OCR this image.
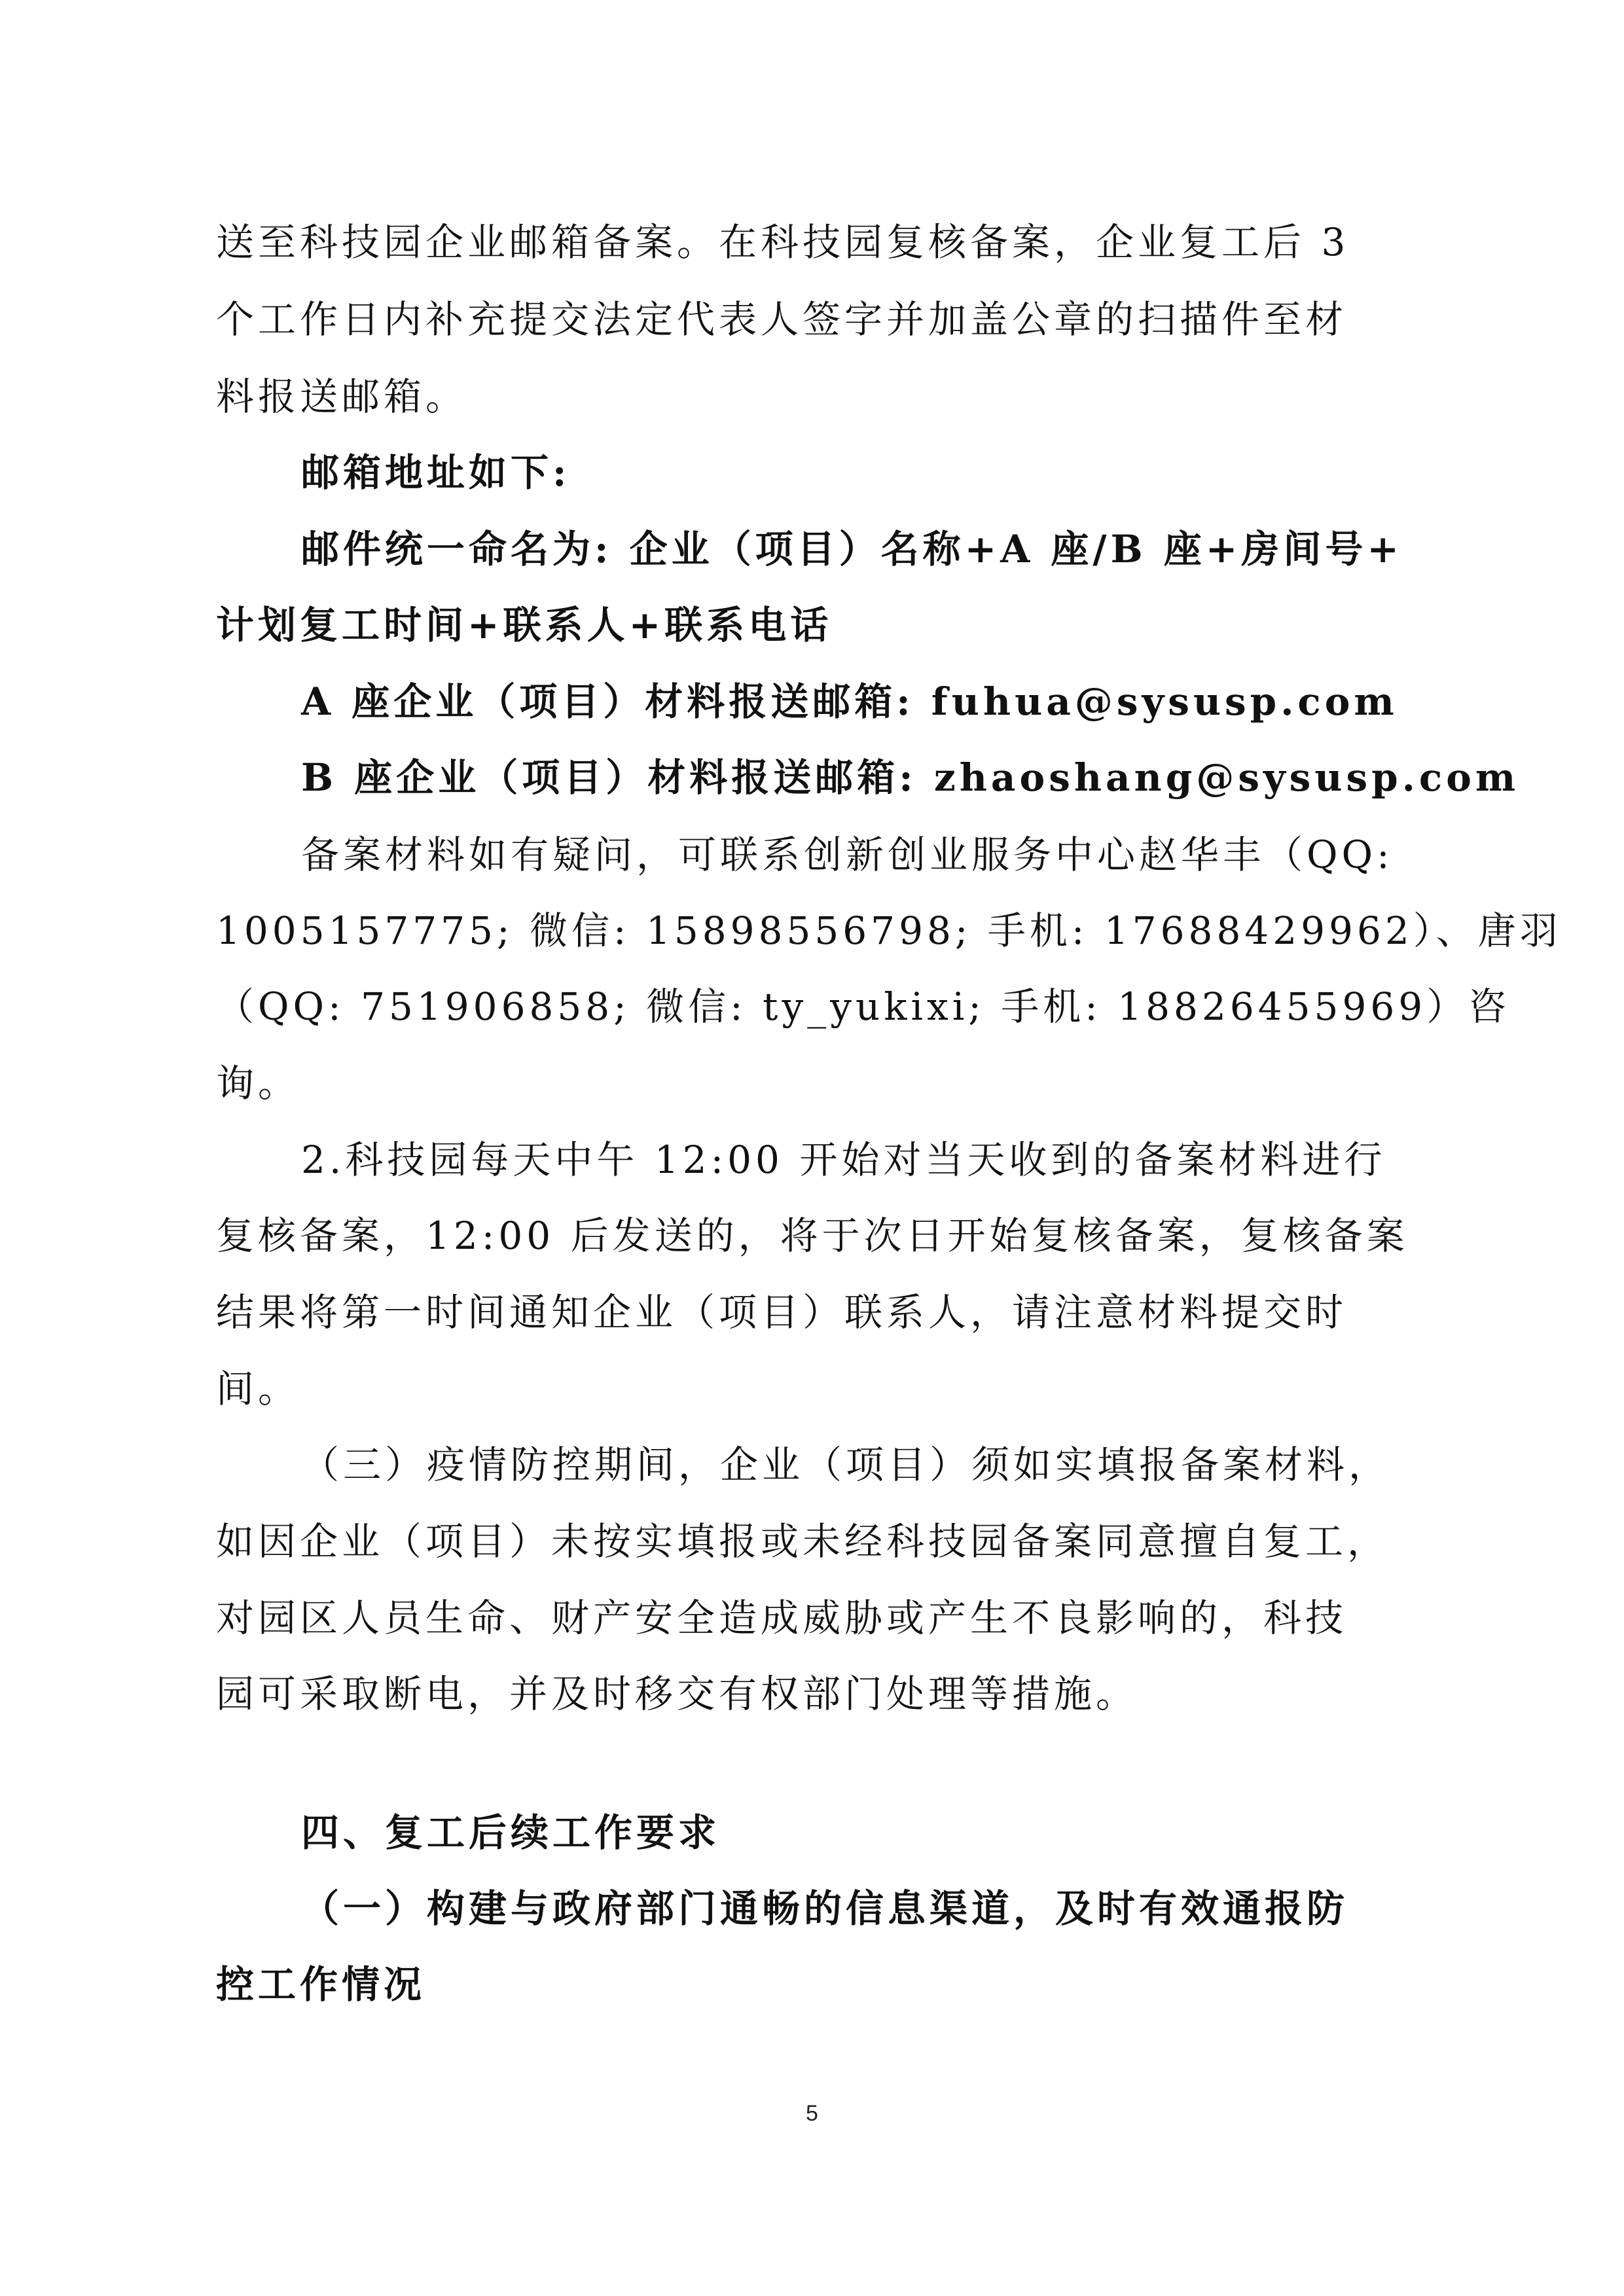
送至科技园企业邮箱备案。在科技园复核备案，企业复工后 3
个工作日内补充提交法定代表人签字并加盖公章的扫描件至材
料报送邮箱。
邮箱地址如下:
邮件统一命名为: 企业（项目）名称+A 座/B 座+房间号+
计划复工时间+联系人+联系电话
A 座企业（项目）材料报送邮箱: fuhua@sysusp.com
B 座企业（项目）材料报送邮箱: zhaoshang@sysusp.com
备案材料如有疑问，可联系创新创业服务中心赵华丰（QQ:
1005157775; 微信: 15898556798; 手机: 17688429962）、唐羽
（QQ: 751906858; 微信: ty_yukixi; 手机: 18826455969）咨
询。
2.科技园每天中午 12:00 开始对当天收到的备案材料进行
复核备案，12:00 后发送的，将于次日开始复核备案，复核备案
结果将第一时间通知企业（项目）联系人，请注意材料提交时
间。
（三）疫情防控期间，企业（项目）须如实填报备案材料，
如因企业（项目）未按实填报或未经科技园备案同意擅自复工，
对园区人员生命、财产安全造成威胁或产生不良影响的，科技
园可采取断电，并及时移交有权部门处理等措施。
四、复工后续工作要求
（一）构建与政府部门通畅的信息渠道，及时有效通报防
控工作情况
5
